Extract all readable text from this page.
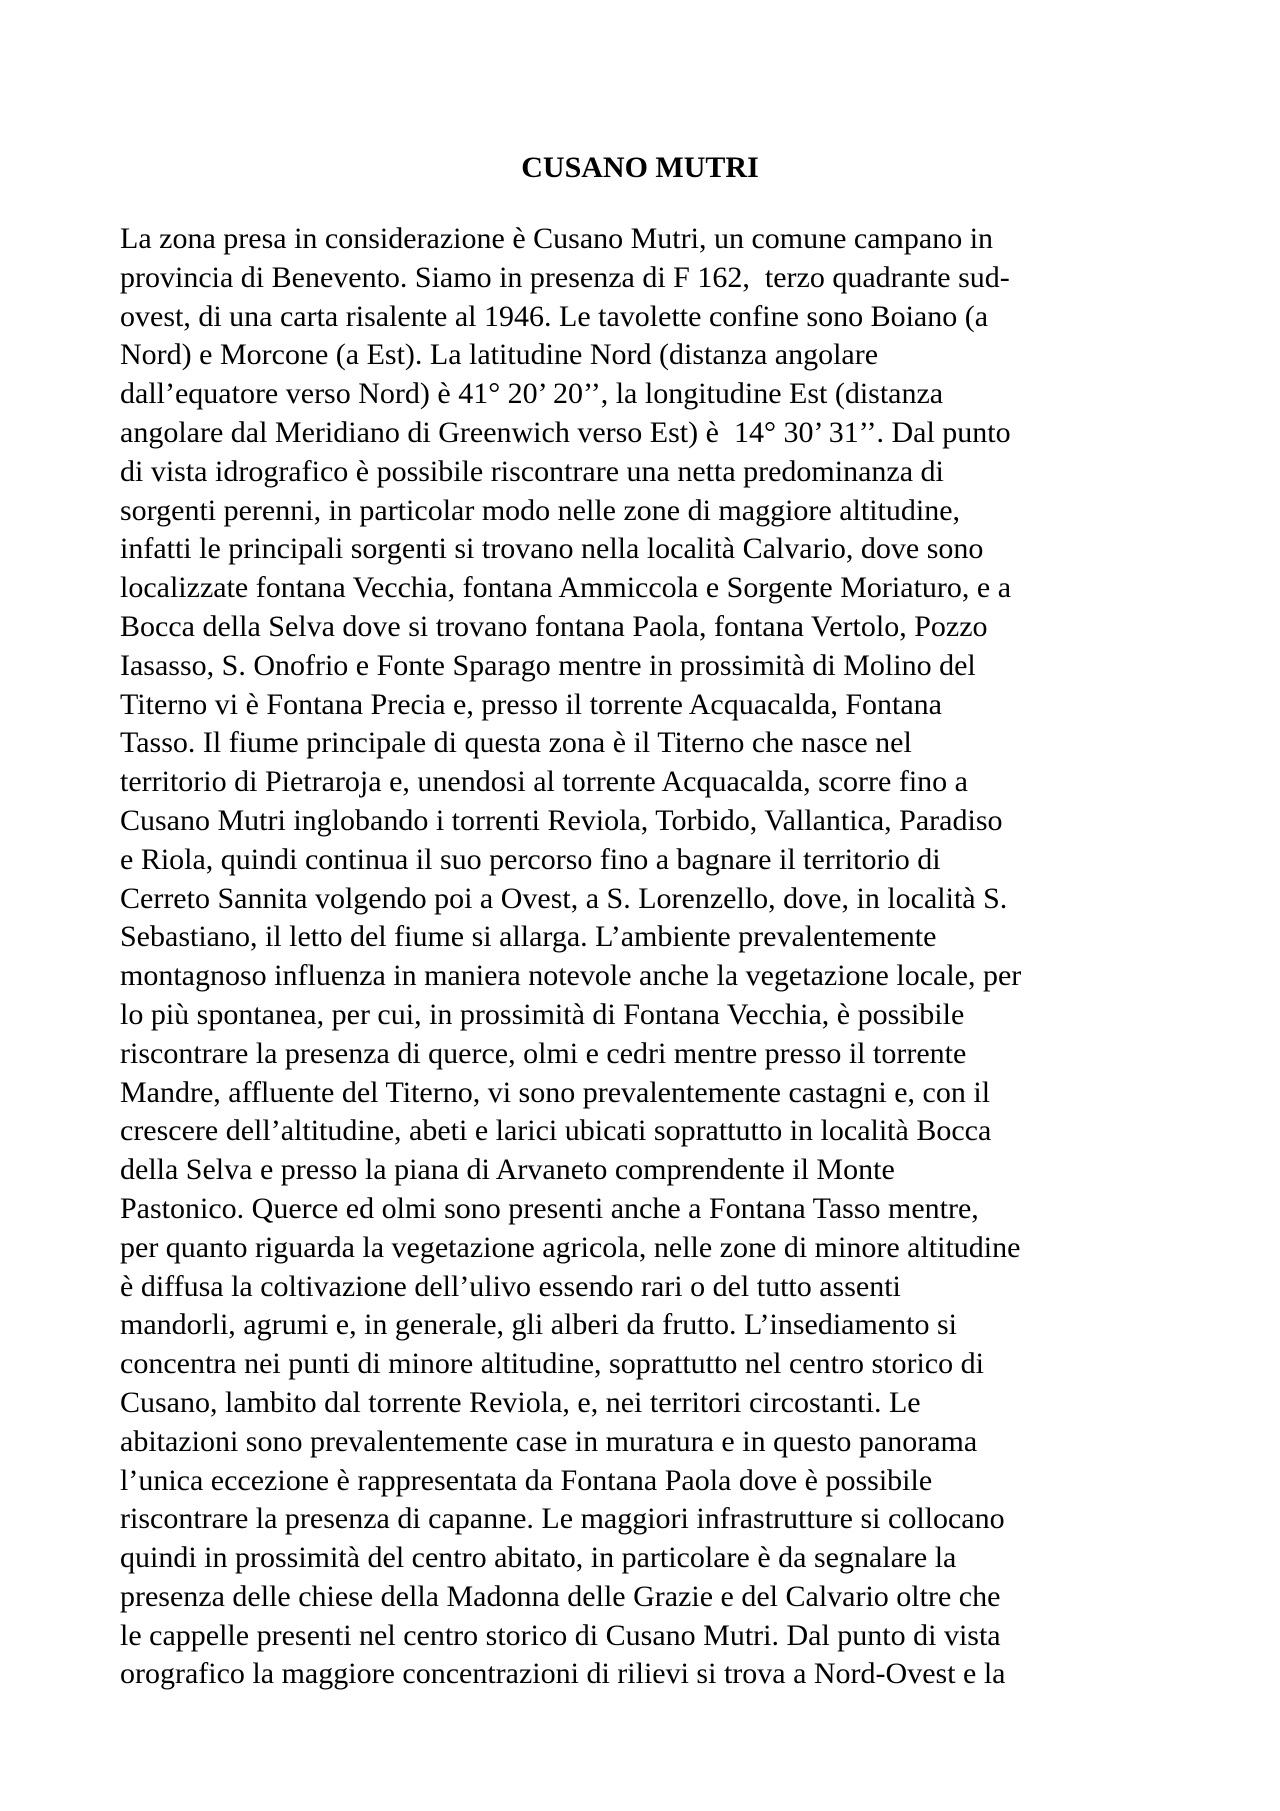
CUSANO MUTRI
La zona presa in considerazione è Cusano Mutri, un comune campano in
provincia di Benevento. Siamo in presenza di F 162,  terzo quadrante sud-
ovest, di una carta risalente al 1946. Le tavolette confine sono Boiano (a
Nord) e Morcone (a Est). La latitudine Nord (distanza angolare
dall’equatore verso Nord) è 41° 20’ 20’’, la longitudine Est (distanza
angolare dal Meridiano di Greenwich verso Est) è  14° 30’ 31’’. Dal punto
di vista idrografico è possibile riscontrare una netta predominanza di
sorgenti perenni, in particolar modo nelle zone di maggiore altitudine,
infatti le principali sorgenti si trovano nella località Calvario, dove sono
localizzate fontana Vecchia, fontana Ammiccola e Sorgente Moriaturo, e a
Bocca della Selva dove si trovano fontana Paola, fontana Vertolo, Pozzo
Iasasso, S. Onofrio e Fonte Sparago mentre in prossimità di Molino del
Titerno vi è Fontana Precia e, presso il torrente Acquacalda, Fontana
Tasso. Il fiume principale di questa zona è il Titerno che nasce nel
territorio di Pietraroja e, unendosi al torrente Acquacalda, scorre fino a
Cusano Mutri inglobando i torrenti Reviola, Torbido, Vallantica, Paradiso
e Riola, quindi continua il suo percorso fino a bagnare il territorio di
Cerreto Sannita volgendo poi a Ovest, a S. Lorenzello, dove, in località S.
Sebastiano, il letto del fiume si allarga. L’ambiente prevalentemente
montagnoso influenza in maniera notevole anche la vegetazione locale, per
lo più spontanea, per cui, in prossimità di Fontana Vecchia, è possibile
riscontrare la presenza di querce, olmi e cedri mentre presso il torrente
Mandre, affluente del Titerno, vi sono prevalentemente castagni e, con il
crescere dell’altitudine, abeti e larici ubicati soprattutto in località Bocca
della Selva e presso la piana di Arvaneto comprendente il Monte
Pastonico. Querce ed olmi sono presenti anche a Fontana Tasso mentre,
per quanto riguarda la vegetazione agricola, nelle zone di minore altitudine
è diffusa la coltivazione dell’ulivo essendo rari o del tutto assenti
mandorli, agrumi e, in generale, gli alberi da frutto. L’insediamento si
concentra nei punti di minore altitudine, soprattutto nel centro storico di
Cusano, lambito dal torrente Reviola, e, nei territori circostanti. Le
abitazioni sono prevalentemente case in muratura e in questo panorama
l’unica eccezione è rappresentata da Fontana Paola dove è possibile
riscontrare la presenza di capanne. Le maggiori infrastrutture si collocano
quindi in prossimità del centro abitato, in particolare è da segnalare la
presenza delle chiese della Madonna delle Grazie e del Calvario oltre che
le cappelle presenti nel centro storico di Cusano Mutri. Dal punto di vista
orografico la maggiore concentrazioni di rilievi si trova a Nord-Ovest e la
